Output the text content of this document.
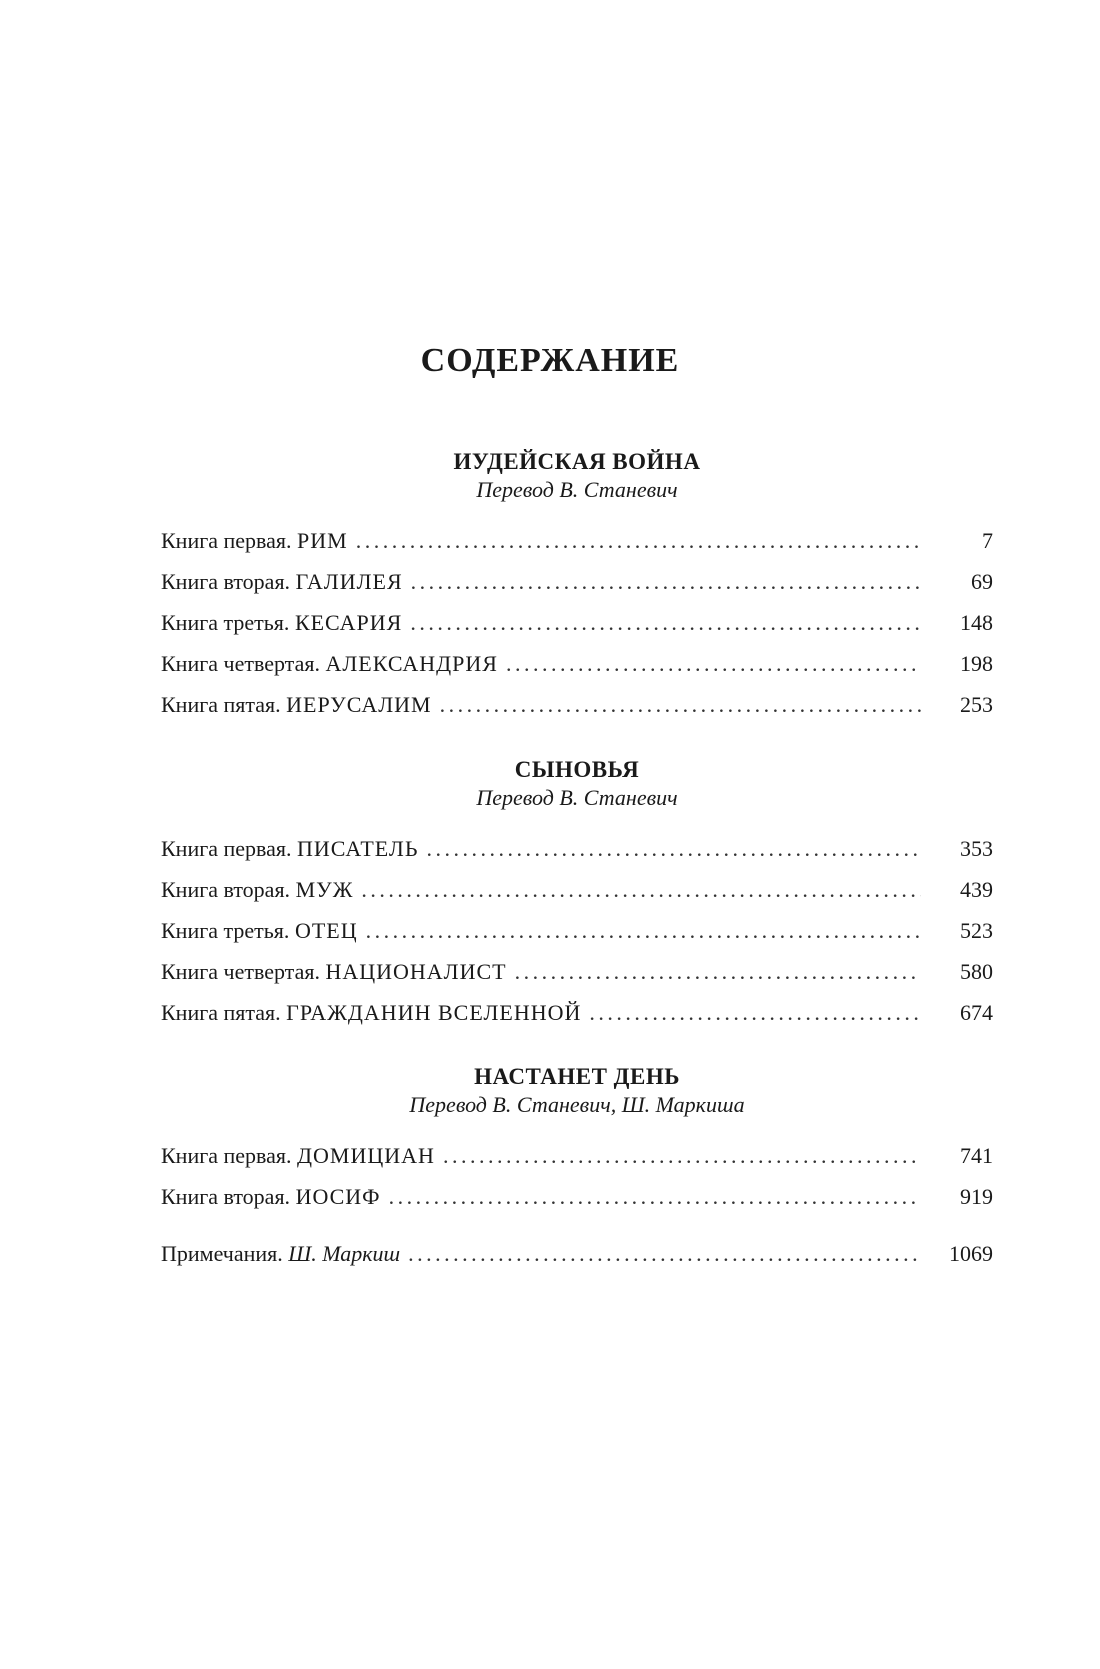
СОДЕРЖАНИЕ
ИУДЕЙСКАЯ ВОЙНА
Перевод В. Станевич
Книга первая. РИМ . . .	7
Книга вторая. ГАЛИЛЕЯ . . .	69
Книга третья. КЕСАРИЯ . . .	148
Книга четвертая. АЛЕКСАНДРИЯ . . .	198
Книга пятая. ИЕРУСАЛИМ . . .	253
СЫНОВЬЯ
Перевод В. Станевич
Книга первая. ПИСАТЕЛЬ . . .	353
Книга вторая. МУЖ . . .	439
Книга третья. ОТЕЦ . . .	523
Книга четвертая. НАЦИОНАЛИСТ . . .	580
Книга пятая. ГРАЖДАНИН ВСЕЛЕННОЙ . . .	674
НАСТАНЕТ ДЕНЬ
Перевод В. Станевич, Ш. Маркиша
Книга первая. ДОМИЦИАН . . .	741
Книга вторая. ИОСИФ . . .	919
Примечания. Ш. Маркиш . . .	1069
